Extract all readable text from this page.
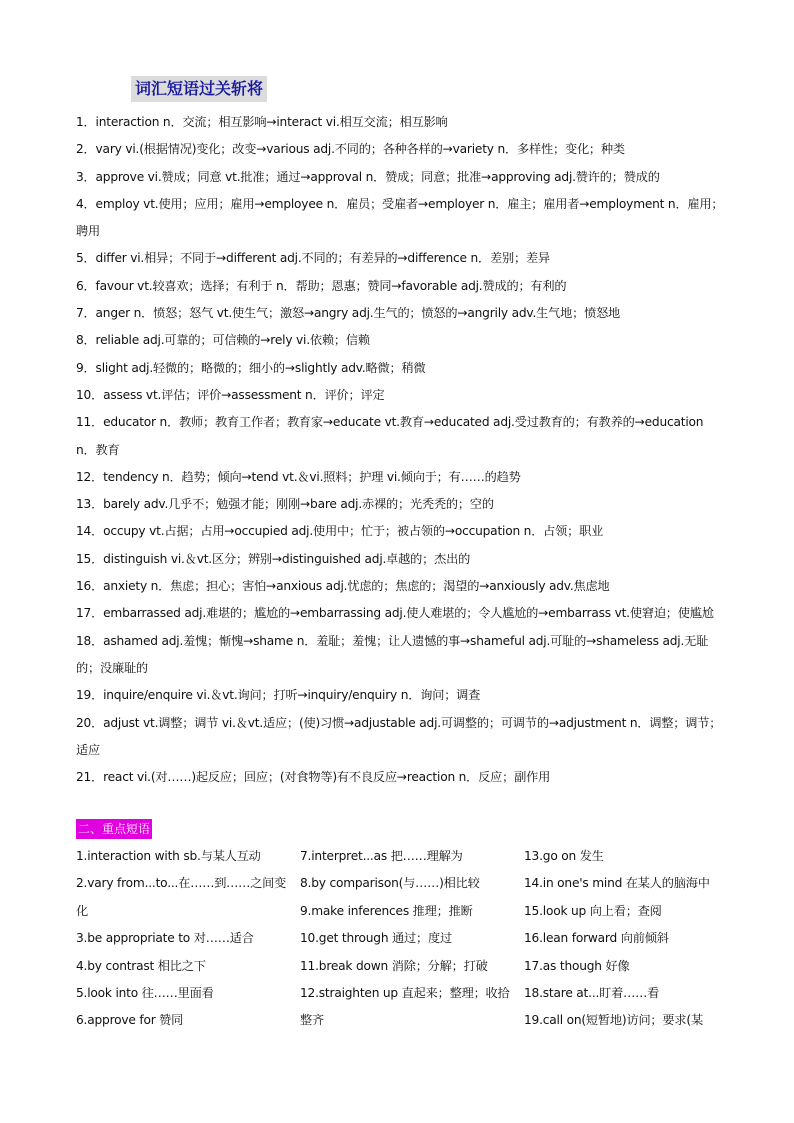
词汇短语过关斩将
1．interaction n．交流；相互影响→interact vi.相互交流；相互影响
2．vary vi.(根据情况)变化；改变→various adj.不同的；各种各样的→variety n．多样性；变化；种类
3．approve vi.赞成；同意 vt.批准；通过→approval n．赞成；同意；批准→approving adj.赞许的；赞成的
4．employ vt.使用；应用；雇用→employee n．雇员；受雇者→employer n．雇主；雇用者→employment n．雇用；聘用
5．differ vi.相异；不同于→different adj.不同的；有差异的→difference n．差别；差异
6．favour vt.较喜欢；选择；有利于 n．帮助；恩惠；赞同→favorable adj.赞成的；有利的
7．anger n．愤怒；怒气 vt.使生气；激怒→angry adj.生气的；愤怒的→angrily adv.生气地；愤怒地
8．reliable adj.可靠的；可信赖的→rely vi.依赖；信赖
9．slight adj.轻微的；略微的；细小的→slightly adv.略微；稍微
10．assess vt.评估；评价→assessment n．评价；评定
11．educator n．教师；教育工作者；教育家→educate vt.教育→educated adj.受过教育的；有教养的→education n．教育
12．tendency n．趋势；倾向→tend vt.＆vi.照料；护理 vi.倾向于；有……的趋势
13．barely adv.几乎不；勉强才能；刚刚→bare adj.赤裸的；光秃秃的；空的
14．occupy vt.占据；占用→occupied adj.使用中；忙于；被占领的→occupation n．占领；职业
15．distinguish vi.＆vt.区分；辨别→distinguished adj.卓越的；杰出的
16．anxiety n．焦虑；担心；害怕→anxious adj.忧虑的；焦虑的；渴望的→anxiously adv.焦虑地
17．embarrassed adj.难堪的；尴尬的→embarrassing adj.使人难堪的；令人尴尬的→embarrass vt.使窘迫；使尴尬
18．ashamed adj.羞愧；惭愧→shame n．羞耻；羞愧；让人遗憾的事→shameful adj.可耻的→shameless adj.无耻的；没廉耻的
19．inquire/enquire vi.＆vt.询问；打听→inquiry/enquiry n．询问；调查
20．adjust vt.调整；调节 vi.＆vt.适应；(使)习惯→adjustable adj.可调整的；可调节的→adjustment n．调整；调节；适应
21．react vi.(对……)起反应；回应；(对食物等)有不良反应→reaction n．反应；副作用
二、重点短语
1.interaction with sb.与某人互动
2.vary from...to...在……到……之间变化
3.be appropriate to 对……适合
4.by contrast 相比之下
5.look into 往……里面看
6.approve for 赞同
7.interpret...as 把……理解为
8.by comparison(与……)相比较
9.make inferences 推理；推断
10.get through 通过；度过
11.break down 消除；分解；打破
12.straighten up 直起来；整理；收拾整齐
13.go on 发生
14.in one's mind 在某人的脑海中
15.look up 向上看；查阅
16.lean forward 向前倾斜
17.as though 好像
18.stare at...盯着……看
19.call on(短暂地)访问；要求(某
